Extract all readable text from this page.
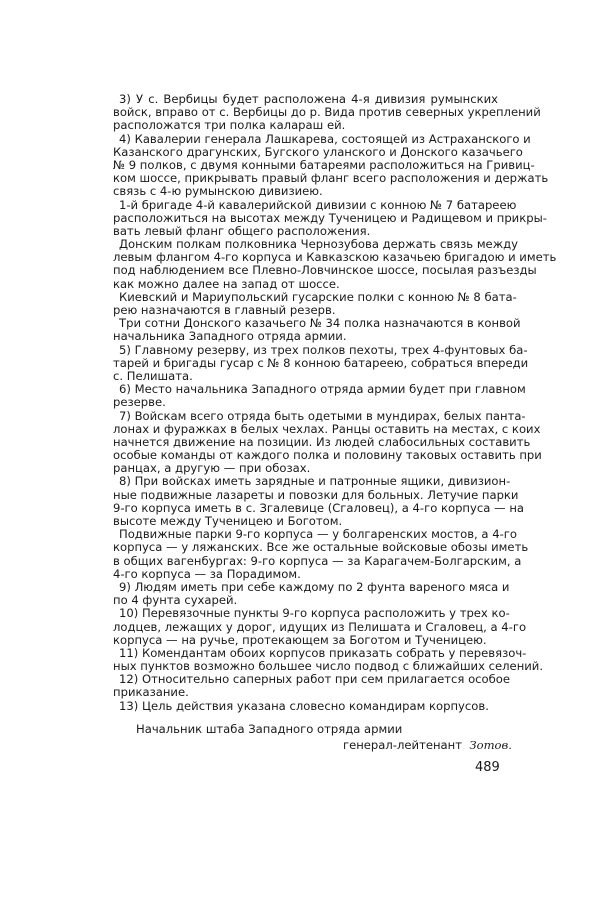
3) У с. Вербицы будет расположена 4-я дивизия румынских
войск, вправо от с. Вербицы до р. Вида против северных укреплений
расположатся три полка калараш ей.
4) Кавалерии генерала Лашкарева, состоящей из Астраханского и
Казанского драгунских, Бугского уланского и Донского казачьего
№ 9 полков, с двумя конными батареями расположиться на Гривиц-
ком шоссе, прикрывать правый фланг всего расположения и держать
связь с 4-ю румынскою дивизиею.
1-й бригаде 4-й кавалерийской дивизии с конною № 7 батареею
расположиться на высотах между Тученицею и Радищевом и прикры-
вать левый фланг общего расположения.
Донским полкам полковника Чернозубова держать связь между
левым флангом 4-го корпуса и Кавказскою казачьею бригадою и иметь
под наблюдением все Плевно-Ловчинское шоссе, посылая разъезды
как можно далее на запад от шоссе.
Киевский и Мариупольский гусарские полки с конною № 8 бата-
рею назначаются в главный резерв.
Три сотни Донского казачьего № 34 полка назначаются в конвой
начальника Западного отряда армии.
5) Главному резерву, из трех полков пехоты, трех 4-фунтовых ба-
тарей и бригады гусар с № 8 конною батареею, собраться впереди
с. Пелишата.
6) Место начальника Западного отряда армии будет при главном
резерве.
7) Войскам всего отряда быть одетыми в мундирах, белых панта-
лонах и фуражках в белых чехлах. Ранцы оставить на местах, с коих
начнется движение на позиции. Из людей слабосильных составить
особые команды от каждого полка и половину таковых оставить при
ранцах, а другую — при обозах.
8) При войсках иметь зарядные и патронные ящики, дивизион-
ные подвижные лазареты и повозки для больных. Летучие парки
9-го корпуса иметь в с. Згалевице (Сгаловец), а 4-го корпуса — на
высоте между Тученицею и Боготом.
Подвижные парки 9-го корпуса — у болгаренских мостов, а 4-го
корпуса — у ляжанских. Все же остальные войсковые обозы иметь
в общих вагенбургах: 9-го корпуса — за Карагачем-Болгарским, а
4-го корпуса — за Порадимом.
9) Людям иметь при себе каждому по 2 фунта вареного мяса и
по 4 фунта сухарей.
10) Перевязочные пункты 9-го корпуса расположить у трех ко-
лодцев, лежащих у дорог, идущих из Пелишата и Сгаловец, а 4-го
корпуса — на ручье, протекающем за Боготом и Тученицею.
11) Комендантам обоих корпусов приказать собрать у перевязоч-
ных пунктов возможно большее число подвод с ближайших селений.
12) Относительно саперных работ при сем прилагается особое
приказание.
13) Цель действия указана словесно командирам корпусов.
Начальник штаба Западного отряда армии
генерал-лейтенант Зотов.
489
